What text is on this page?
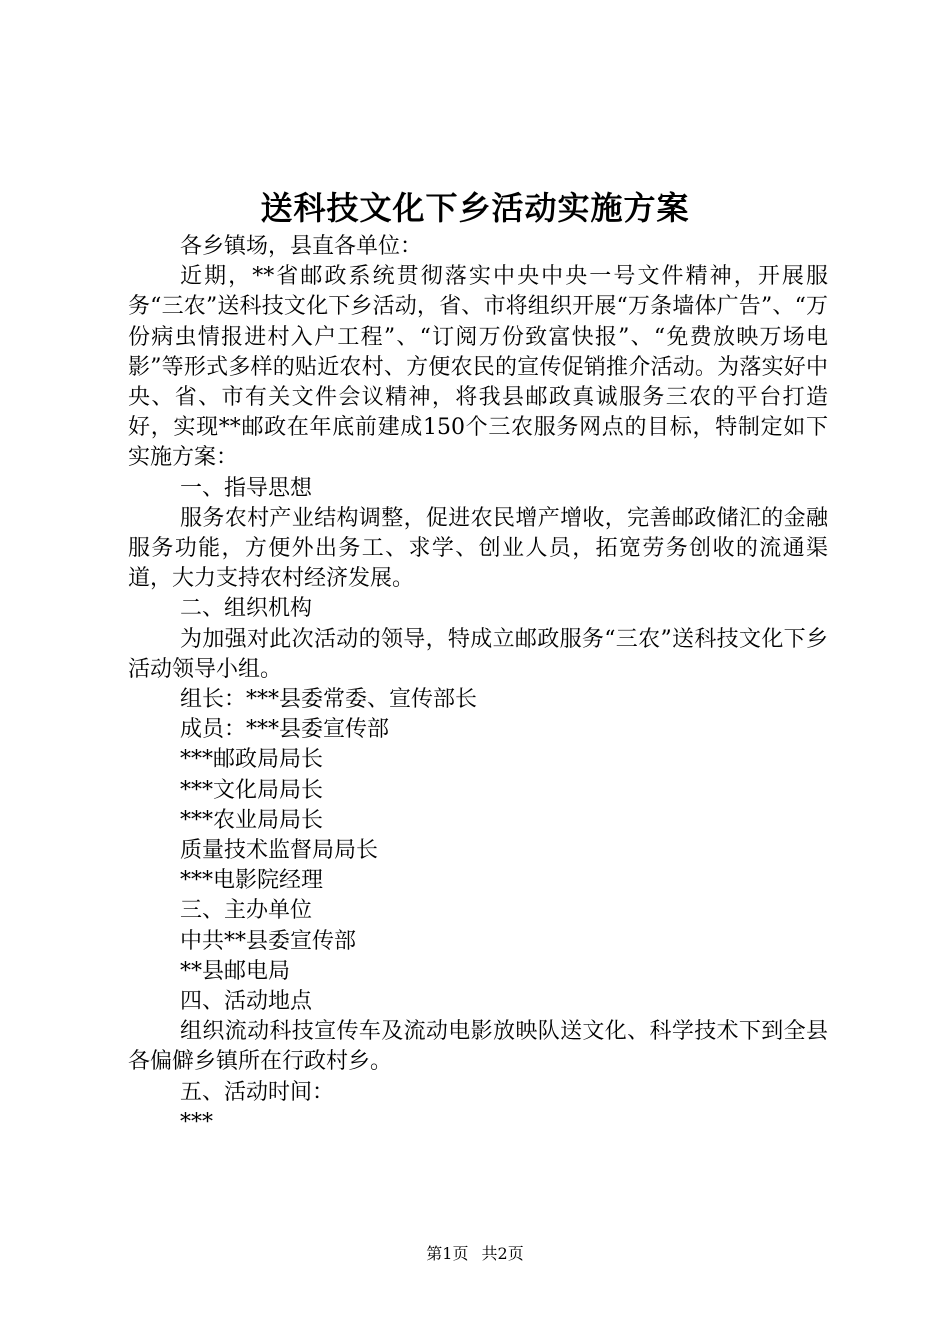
送科技文化下乡活动实施方案

各乡镇场，县直各单位：

近期，**省邮政系统贯彻落实中央中央一号文件精神，开展服务“三农”送科技文化下乡活动，省、市将组织开展“万条墙体广告”、“万份病虫情报进村入户工程”、“订阅万份致富快报”、“免费放映万场电影”等形式多样的贴近农村、方便农民的宣传促销推介活动。为落实好中央、省、市有关文件会议精神，将我县邮政真诚服务三农的平台打造好，实现**邮政在年底前建成150个三农服务网点的目标，特制定如下实施方案：

一、指导思想

服务农村产业结构调整，促进农民增产增收，完善邮政储汇的金融服务功能，方便外出务工、求学、创业人员，拓宽劳务创收的流通渠道，大力支持农村经济发展。

二、组织机构

为加强对此次活动的领导，特成立邮政服务“三农”送科技文化下乡活动领导小组。

组长：***县委常委、宣传部长

成员：***县委宣传部

***邮政局局长

***文化局局长

***农业局局长

质量技术监督局局长

***电影院经理

三、主办单位

中共**县委宣传部

**县邮电局

四、活动地点

组织流动科技宣传车及流动电影放映队送文化、科学技术下到全县各偏僻乡镇所在行政村乡。

五、活动时间：

***

第1页 共2页
